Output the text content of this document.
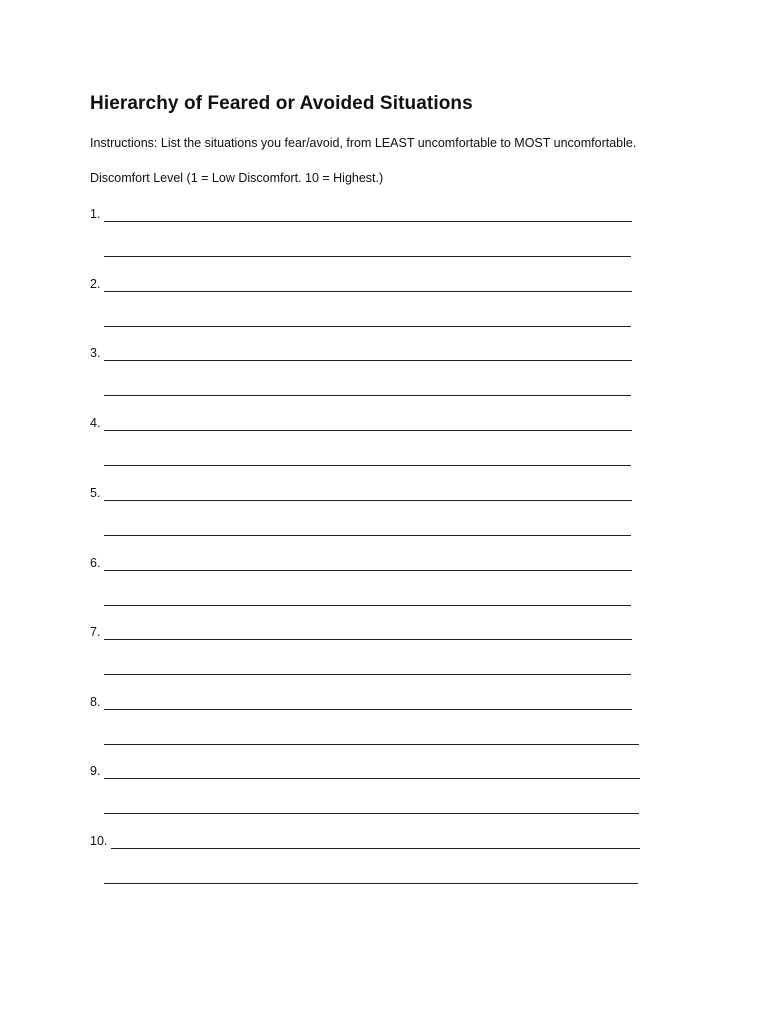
Hierarchy of Feared or Avoided Situations
Instructions: List the situations you fear/avoid, from LEAST uncomfortable to MOST uncomfortable.
Discomfort Level (1 = Low Discomfort. 10 = Highest.)
1.
2.
3.
4.
5.
6.
7.
8.
9.
10.
